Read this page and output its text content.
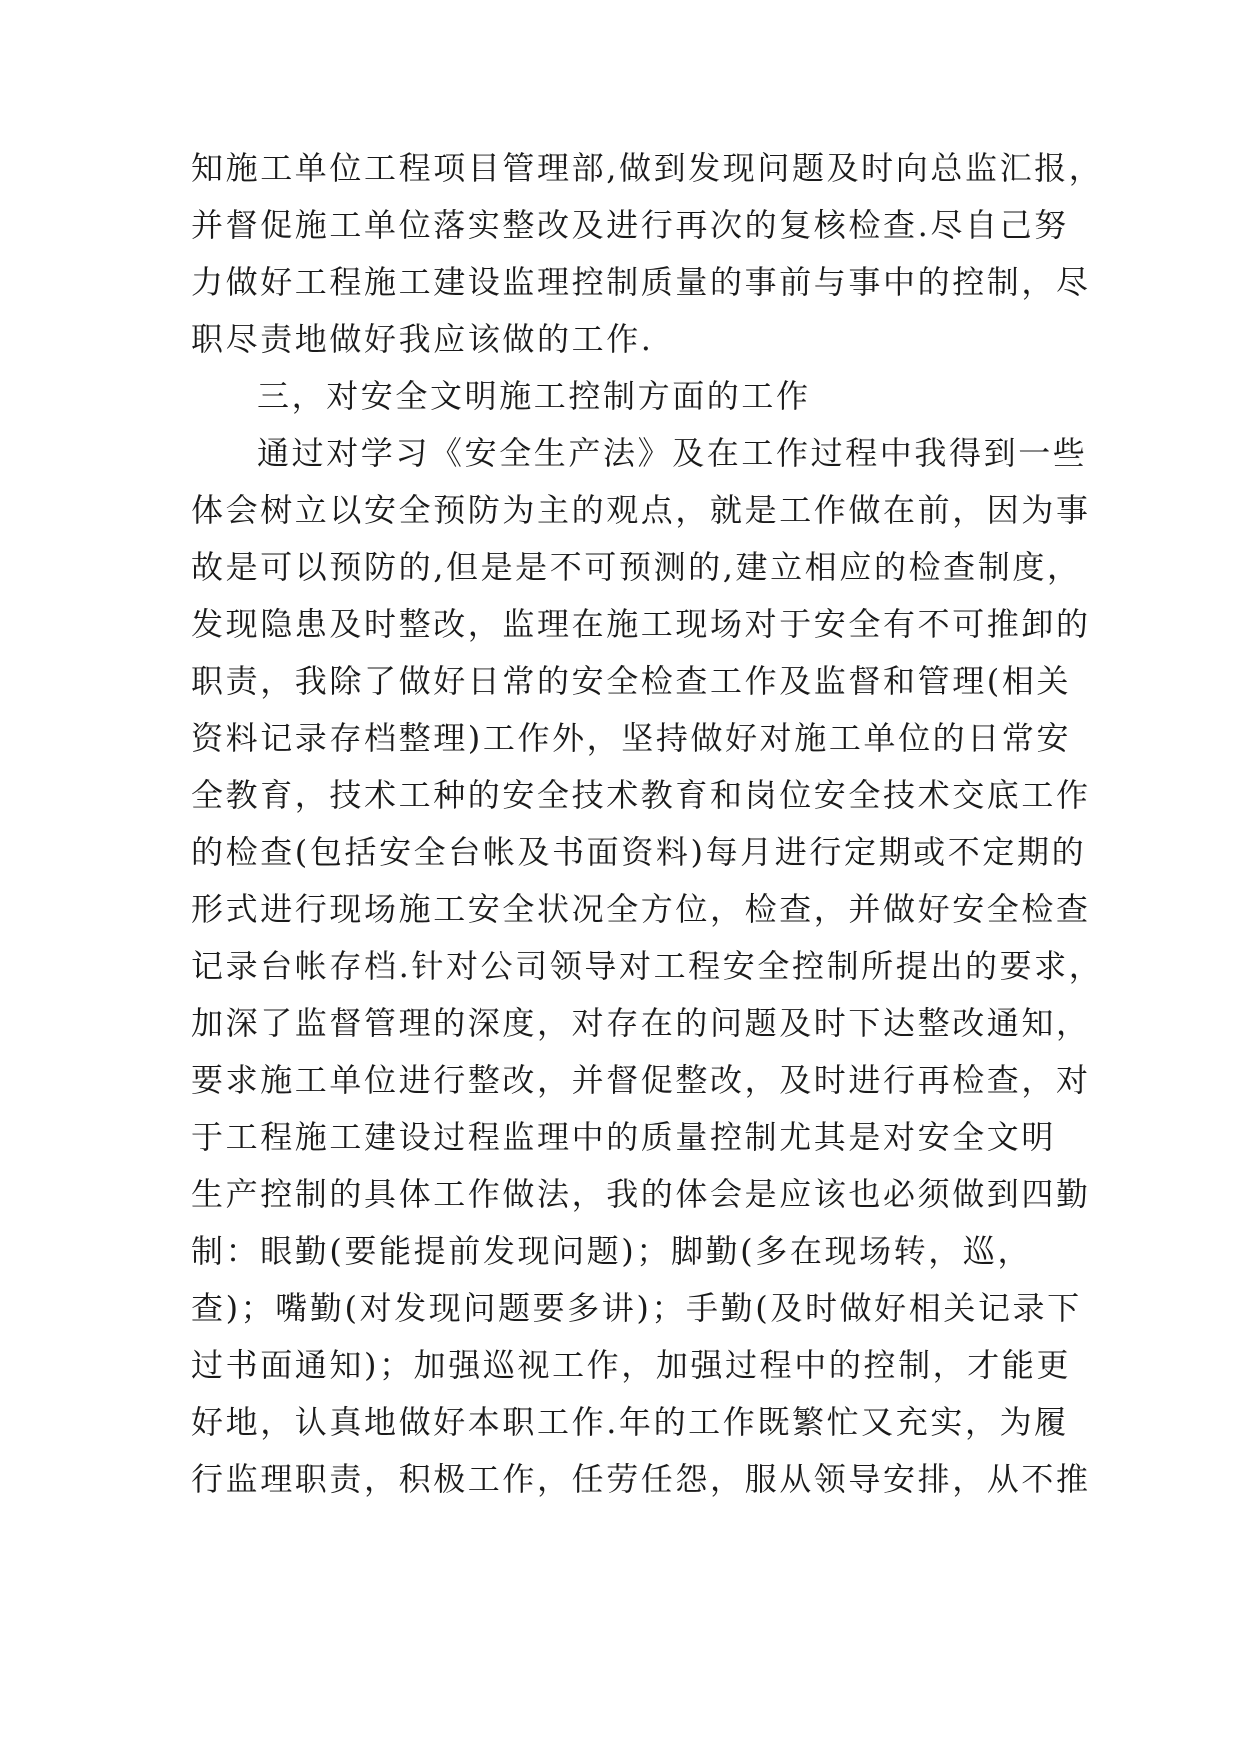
知施工单位工程项目管理部,做到发现问题及时向总监汇报，
并督促施工单位落实整改及进行再次的复核检查.尽自己努
力做好工程施工建设监理控制质量的事前与事中的控制，尽
职尽责地做好我应该做的工作.
三，对安全文明施工控制方面的工作
通过对学习《安全生产法》及在工作过程中我得到一些
体会树立以安全预防为主的观点，就是工作做在前，因为事
故是可以预防的,但是是不可预测的,建立相应的检查制度，
发现隐患及时整改，监理在施工现场对于安全有不可推卸的
职责，我除了做好日常的安全检查工作及监督和管理(相关
资料记录存档整理)工作外，坚持做好对施工单位的日常安
全教育，技术工种的安全技术教育和岗位安全技术交底工作
的检查(包括安全台帐及书面资料)每月进行定期或不定期的
形式进行现场施工安全状况全方位，检查，并做好安全检查
记录台帐存档.针对公司领导对工程安全控制所提出的要求，
加深了监督管理的深度，对存在的问题及时下达整改通知，
要求施工单位进行整改，并督促整改，及时进行再检查，对
于工程施工建设过程监理中的质量控制尤其是对安全文明
生产控制的具体工作做法，我的体会是应该也必须做到四勤
制：眼勤(要能提前发现问题)；脚勤(多在现场转，巡，
查)；嘴勤(对发现问题要多讲)；手勤(及时做好相关记录下
过书面通知)；加强巡视工作，加强过程中的控制，才能更
好地，认真地做好本职工作.年的工作既繁忙又充实，为履
行监理职责，积极工作，任劳任怨，服从领导安排，从不推
